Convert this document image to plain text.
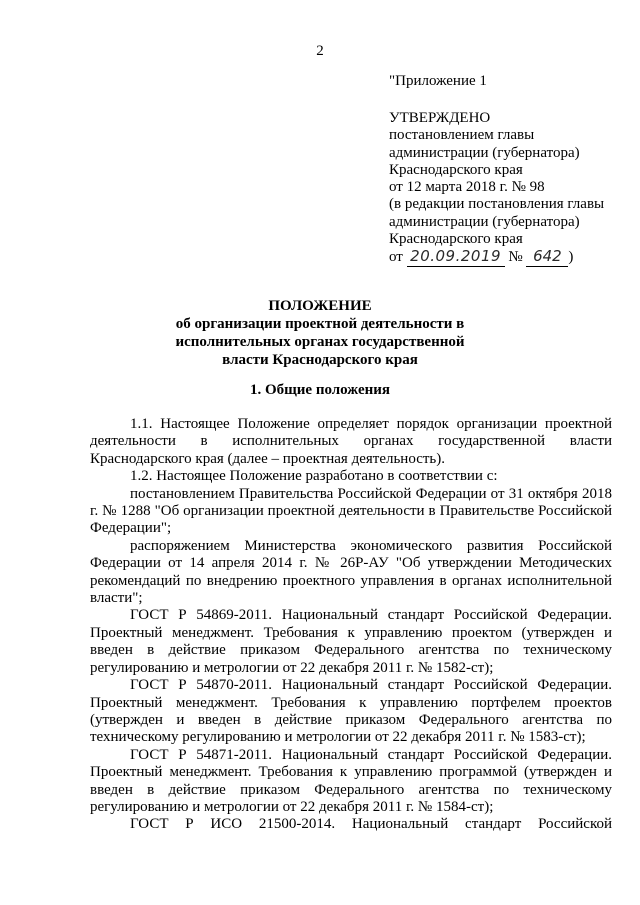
2
"Приложение 1
УТВЕРЖДЕНО
постановлением главы
администрации (губернатора)
Краснодарского края
от 12 марта 2018 г. № 98
(в редакции постановления главы
администрации (губернатора)
Краснодарского края
от 20.09.2019 № 642 )
ПОЛОЖЕНИЕ
об организации проектной деятельности в
исполнительных органах государственной
власти Краснодарского края
1. Общие положения

1.1. Настоящее Положение определяет порядок организации проектной деятельности в исполнительных органах государственной власти Краснодарского края (далее – проектная деятельность).

1.2. Настоящее Положение разработано в соответствии с:

постановлением Правительства Российской Федерации от 31 октября 2018 г. № 1288 "Об организации проектной деятельности в Правительстве Российской Федерации";

распоряжением Министерства экономического развития Российской Федерации от 14 апреля 2014 г. № 26Р-АУ "Об утверждении Методических рекомендаций по внедрению проектного управления в органах исполнительной власти";

ГОСТ Р 54869-2011. Национальный стандарт Российской Федерации. Проектный менеджмент. Требования к управлению проектом (утвержден и введен в действие приказом Федерального агентства по техническому регулированию и метрологии от 22 декабря 2011 г. № 1582-ст);

ГОСТ Р 54870-2011. Национальный стандарт Российской Федерации. Проектный менеджмент. Требования к управлению портфелем проектов (утвержден и введен в действие приказом Федерального агентства по техническому регулированию и метрологии от 22 декабря 2011 г. № 1583-ст);

ГОСТ Р 54871-2011. Национальный стандарт Российской Федерации. Проектный менеджмент. Требования к управлению программой (утвержден и введен в действие приказом Федерального агентства по техническому регулированию и метрологии от 22 декабря 2011 г. № 1584-ст);

ГОСТ Р ИСО 21500-2014. Национальный стандарт Российской
